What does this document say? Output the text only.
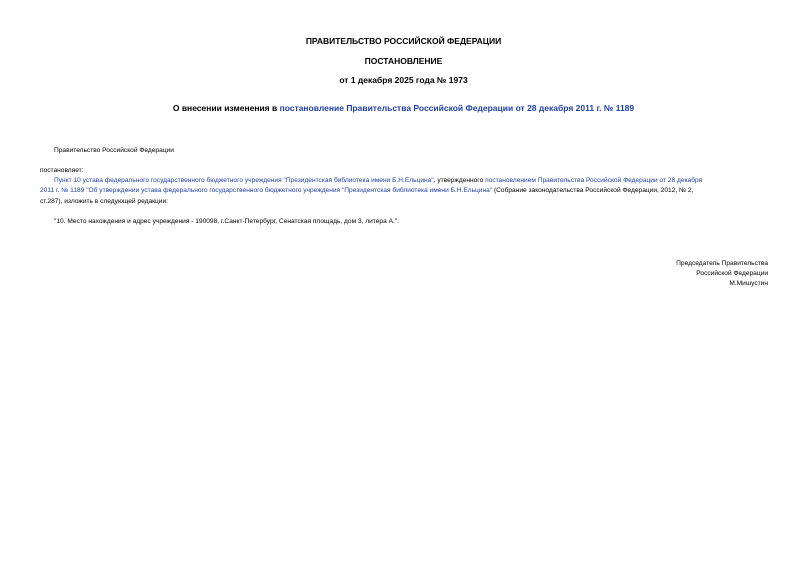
ПРАВИТЕЛЬСТВО РОССИЙСКОЙ ФЕДЕРАЦИИ
ПОСТАНОВЛЕНИЕ
от 1 декабря 2025 года № 1973
О внесении изменения в постановление Правительства Российской Федерации от 28 декабря 2011 г. № 1189
Правительство Российской Федерации
постановляет:
Пункт 10 устава федерального государственного бюджетного учреждения "Президентская библиотека имени Б.Н.Ельцина", утвержденного постановлением Правительства Российской Федерации от 28 декабря
2011 г. № 1189 "Об утверждении устава федерального государственного бюджетного учреждения "Президентская библиотека имени Б.Н.Ельцина" (Собрание законодательства Российской Федерации, 2012, № 2,
ст.287), изложить в следующей редакции:
"10. Место нахождения и адрес учреждения - 190098, г.Санкт-Петербург, Сенатская площадь, дом 3, литера А.".
Председатель Правительства
Российской Федерации
М.Мишустин
